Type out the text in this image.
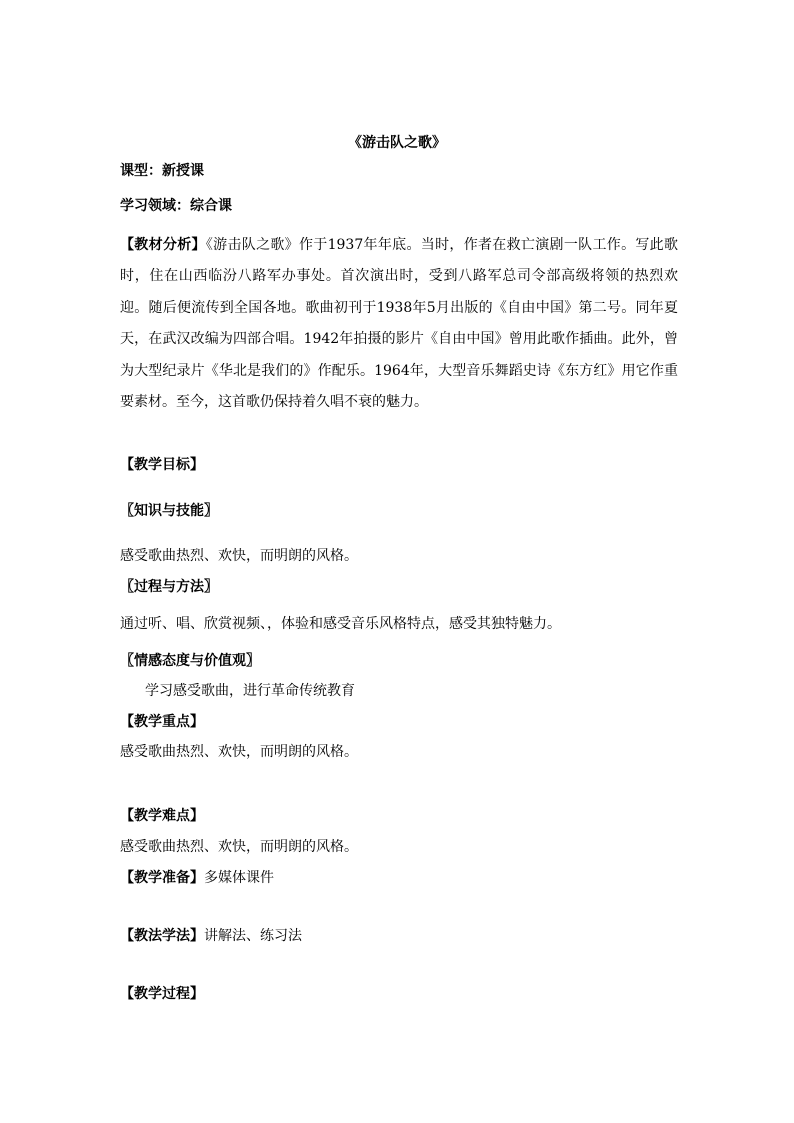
《游击队之歌》
课型：新授课
学习领域：综合课
【教材分析】《游击队之歌》作于1937年年底。当时，作者在救亡演剧一队工作。写此歌时，住在山西临汾八路军办事处。首次演出时，受到八路军总司令部高级将领的热烈欢迎。随后便流传到全国各地。歌曲初刊于1938年5月出版的《自由中国》第二号。同年夏天，在武汉改编为四部合唱。1942年拍摄的影片《自由中国》曾用此歌作插曲。此外，曾为大型纪录片《华北是我们的》作配乐。1964年，大型音乐舞蹈史诗《东方红》用它作重要素材。至今，这首歌仍保持着久唱不衰的魅力。
【教学目标】
〖知识与技能〗
感受歌曲热烈、欢快，而明朗的风格。
〖过程与方法〗
通过听、唱、欣赏视频、，体验和感受音乐风格特点，感受其独特魅力。
〖情感态度与价值观〗
学习感受歌曲，进行革命传统教育
【教学重点】
感受歌曲热烈、欢快，而明朗的风格。
【教学难点】
感受歌曲热烈、欢快，而明朗的风格。
【教学准备】多媒体课件
【教法学法】讲解法、练习法
【教学过程】
